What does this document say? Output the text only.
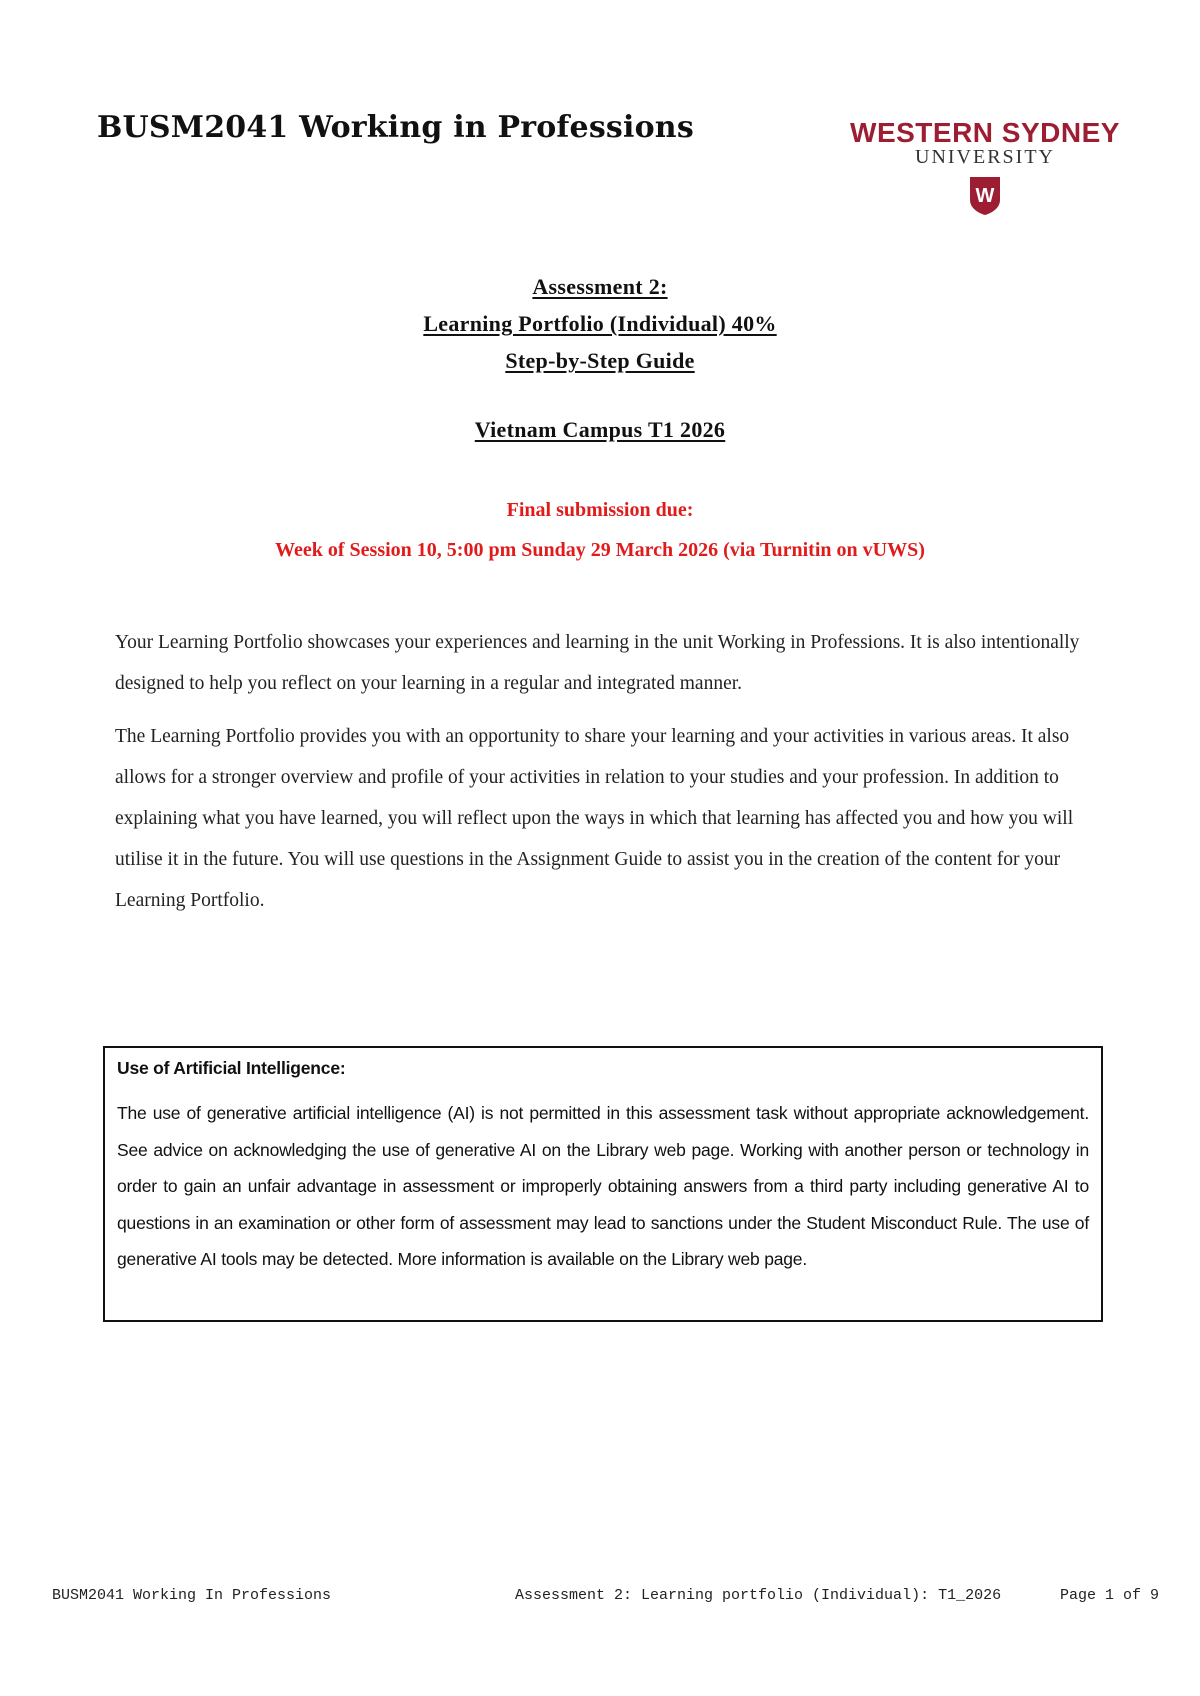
BUSM2041 Working in Professions	WESTERN SYDNEY
UNIVERSITY
W
Assessment 2:
Learning Portfolio (Individual) 40%
Step-by-Step Guide
Vietnam Campus T1 2026
Final submission due:
Week of Session 10, 5:00 pm Sunday 29 March 2026 (via Turnitin on vUWS)
Your Learning Portfolio showcases your experiences and learning in the unit Working in Professions. It is also intentionally designed to help you reflect on your learning in a regular and integrated manner.
The Learning Portfolio provides you with an opportunity to share your learning and your activities in various areas. It also allows for a stronger overview and profile of your activities in relation to your studies and your profession. In addition to explaining what you have learned, you will reflect upon the ways in which that learning has affected you and how you will utilise it in the future. You will use questions in the Assignment Guide to assist you in the creation of the content for your Learning Portfolio.

Use of Artificial Intelligence:

The use of generative artificial intelligence (AI) is not permitted in this assessment task without appropriate acknowledgement. See advice on acknowledging the use of generative AI on the Library web page. Working with another person or technology in order to gain an unfair advantage in assessment or improperly obtaining answers from a third party including generative AI to questions in an examination or other form of assessment may lead to sanctions under the Student Misconduct Rule. The use of generative AI tools may be detected. More information is available on the Library web page.

BUSM2041 Working In Professions	Assessment 2: Learning portfolio (Individual): T1_2026	Page 1 of 9
